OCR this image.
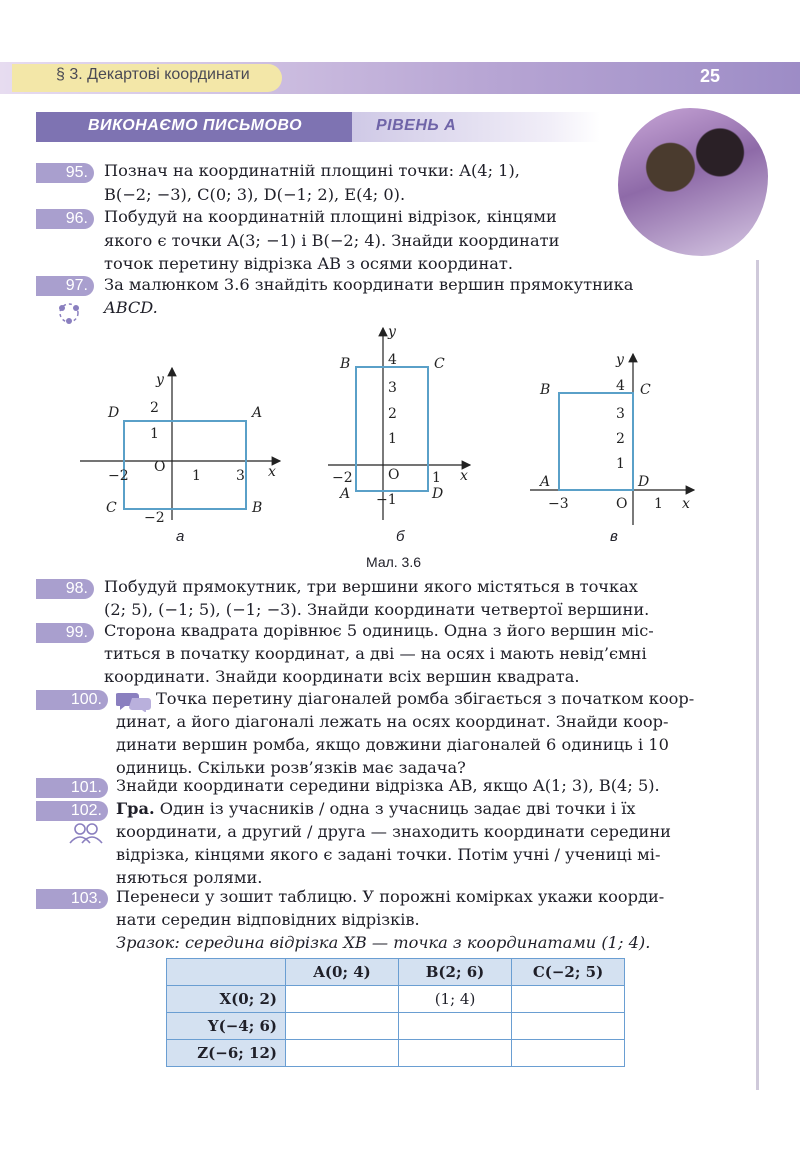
§ 3. Декартові координати	25
ВИКОНАЄМО ПИСЬМОВО	РІВЕНЬ А
95. Познач на координатній площині точки: A(4; 1),
B(−2; −3), C(0; 3), D(−1; 2), E(4; 0).
96. Побудуй на координатній площині відрізок, кінцями
якого є точки A(3; −1) і B(−2; 4). Знайди координати
точок перетину відрізка AB з осями координат.
97. За малюнком 3.6 знайдіть координати вершин прямокутника
ABCD.
y
x
O
2
1
−2
−2	1	3
D	A
C	B
y
x
O
4
3
2
1
−1
−2	1
B	C
A	D
y
x
O
4
3
2
1
−3	1
B	C
A	D
а	б	в
Мал. 3.6
98. Побудуй прямокутник, три вершини якого містяться в точках
(2; 5), (−1; 5), (−1; −3). Знайди координати четвертої вершини.
99. Сторона квадрата дорівнює 5 одиниць. Одна з його вершин міс-
титься в початку координат, а дві — на осях і мають невід’ємні
координати. Знайди координати всіх вершин квадрата.
100.	Точка перетину діагоналей ромба збігається з початком коор-
динат, а його діагоналі лежать на осях координат. Знайди коор-
динати вершин ромба, якщо довжини діагоналей 6 одиниць і 10
одиниць. Скільки розв’язків має задача?
101. Знайди координати середини відрізка AB, якщо A(1; 3), B(4; 5).
102. Гра. Один із учасників / одна з учасниць задає дві точки і їх
координати, а другий / друга — знаходить координати середини
відрізка, кінцями якого є задані точки. Потім учні / учениці мі-
няються ролями.
103. Перенеси у зошит таблицю. У порожні комірках укажи коорди-
нати середин відповідних відрізків.
Зразок: середина відрізка XB — точка з координатами (1; 4).
	A(0; 4)	B(2; 6)	C(−2; 5)
X(0; 2)		(1; 4)	
Y(−4; 6)			
Z(−6; 12)			
